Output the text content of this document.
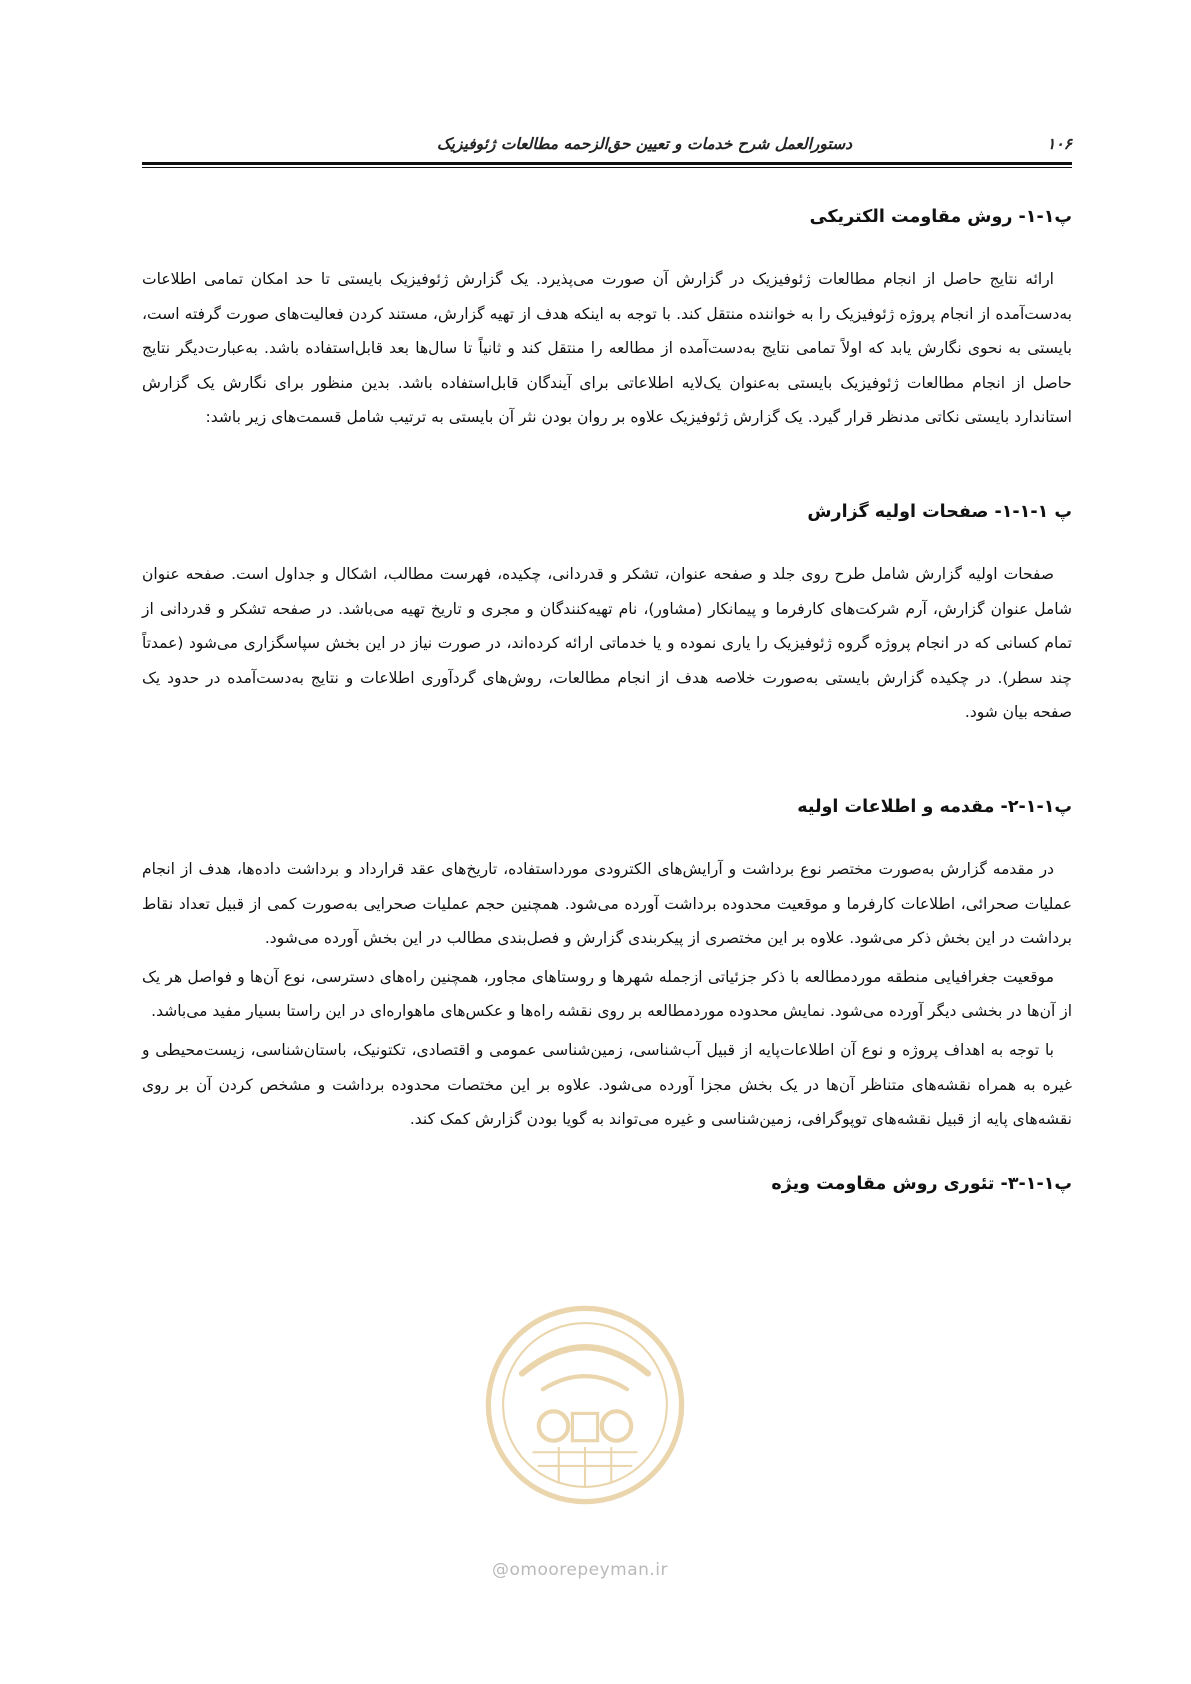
۱۰۶
دستورالعمل شرح خدمات و تعیین حق‌الزحمه مطالعات ژئوفیزیک
پ۱-۱- روش مقاومت الکتریکی

ارائه نتایج حاصل از انجام مطالعات ژئوفیزیک در گزارش آن صورت می‌پذیرد. یک گزارش ژئوفیزیک بایستی تا حد امکان تمامی اطلاعات به‌دست‌آمده از انجام پروژه ژئوفیزیک را به خواننده منتقل کند. با توجه به اینکه هدف از تهیه گزارش، مستند کردن فعالیت‌های صورت گرفته است، بایستی به نحوی نگارش یابد که اولاً تمامی نتایج به‌دست‌آمده از مطالعه را منتقل کند و ثانیاً تا سال‌ها بعد قابل‌استفاده باشد. به‌عبارت‌دیگر نتایج حاصل از انجام مطالعات ژئوفیزیک بایستی به‌عنوان یک‌لایه اطلاعاتی برای آیندگان قابل‌استفاده باشد. بدین منظور برای نگارش یک گزارش استاندارد بایستی نکاتی مدنظر قرار گیرد. یک گزارش ژئوفیزیک علاوه بر روان بودن نثر آن بایستی به ترتیب شامل قسمت‌های زیر باشد:

پ ۱-۱-۱- صفحات اولیه گزارش

صفحات اولیه گزارش شامل طرح روی جلد و صفحه عنوان، تشکر و قدردانی، چکیده، فهرست مطالب، اشکال و جداول است. صفحه عنوان شامل عنوان گزارش، آرم شرکت‌های کارفرما و پیمانکار (مشاور)، نام تهیه‌کنندگان و مجری و تاریخ تهیه می‌باشد. در صفحه تشکر و قدردانی از تمام کسانی که در انجام پروژه گروه ژئوفیزیک را یاری نموده و یا خدماتی ارائه کرده‌اند، در صورت نیاز در این بخش سپاسگزاری می‌شود (عمدتاً چند سطر). در چکیده گزارش بایستی به‌صورت خلاصه هدف از انجام مطالعات، روش‌های گردآوری اطلاعات و نتایج به‌دست‌آمده در حدود یک صفحه بیان شود.

پ۱-۱-۲- مقدمه و اطلاعات اولیه

در مقدمه گزارش به‌صورت مختصر نوع برداشت و آرایش‌های الکترودی مورداستفاده، تاریخ‌های عقد قرارداد و برداشت داده‌ها، هدف از انجام عملیات صحرائی، اطلاعات کارفرما و موقعیت محدوده برداشت آورده می‌شود. همچنین حجم عملیات صحرایی به‌صورت کمی از قبیل تعداد نقاط برداشت در این بخش ذکر می‌شود. علاوه بر این مختصری از پیکربندی گزارش و فصل‌بندی مطالب در این بخش آورده می‌شود.

موقعیت جغرافیایی منطقه موردمطالعه با ذکر جزئیاتی ازجمله شهرها و روستاهای مجاور، همچنین راه‌های دسترسی، نوع آن‌ها و فواصل هر یک از آن‌ها در بخشی دیگر آورده می‌شود. نمایش محدوده موردمطالعه بر روی نقشه راه‌ها و عکس‌های ماهواره‌ای در این راستا بسیار مفید می‌باشد.

با توجه به اهداف پروژه و نوع آن اطلاعات‌پایه از قبیل آب‌شناسی، زمین‌شناسی عمومی و اقتصادی، تکتونیک، باستان‌شناسی، زیست‌محیطی و غیره به همراه نقشه‌های متناظر آن‌ها در یک بخش مجزا آورده می‌شود. علاوه بر این مختصات محدوده برداشت و مشخص کردن آن بر روی نقشه‌های پایه از قبیل نقشه‌های توپوگرافی، زمین‌شناسی و غیره می‌تواند به گویا بودن گزارش کمک کند.

پ۱-۱-۳- تئوری روش مقاومت ویژه
@omoorepeyman.ir
